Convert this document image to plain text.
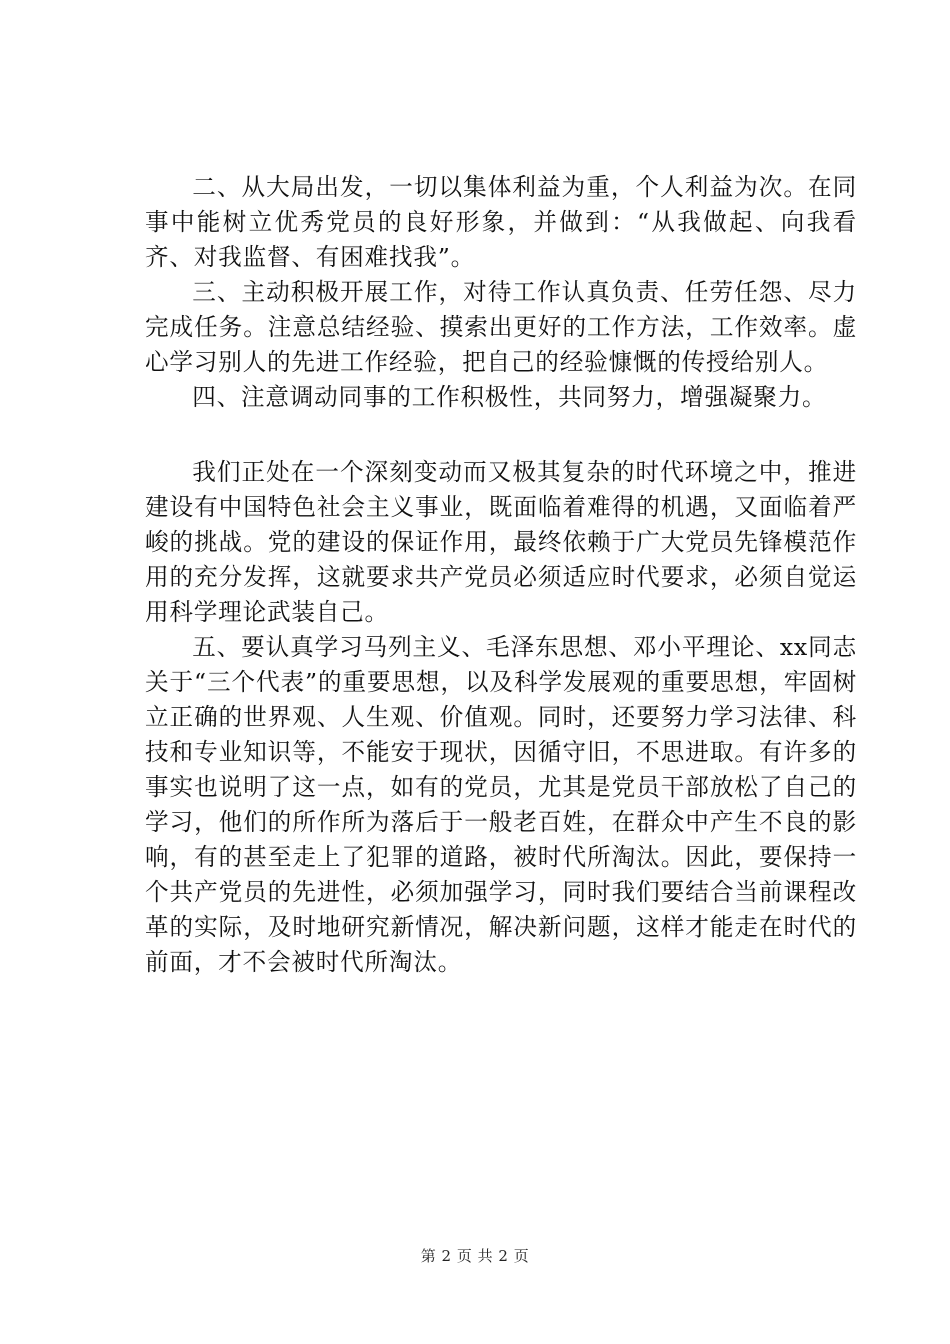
二、从大局出发，一切以集体利益为重，个人利益为次。在同事中能树立优秀党员的良好形象，并做到：“从我做起、向我看齐、对我监督、有困难找我”。

三、主动积极开展工作，对待工作认真负责、任劳任怨、尽力完成任务。注意总结经验、摸索出更好的工作方法，工作效率。虚心学习别人的先进工作经验，把自己的经验慷慨的传授给别人。

四、注意调动同事的工作积极性，共同努力，增强凝聚力。

我们正处在一个深刻变动而又极其复杂的时代环境之中，推进建设有中国特色社会主义事业，既面临着难得的机遇，又面临着严峻的挑战。党的建设的保证作用，最终依赖于广大党员先锋模范作用的充分发挥，这就要求共产党员必须适应时代要求，必须自觉运用科学理论武装自己。

五、要认真学习马列主义、毛泽东思想、邓小平理论、xx同志关于“三个代表”的重要思想，以及科学发展观的重要思想，牢固树立正确的世界观、人生观、价值观。同时，还要努力学习法律、科技和专业知识等，不能安于现状，因循守旧，不思进取。有许多的事实也说明了这一点，如有的党员，尤其是党员干部放松了自己的学习，他们的所作所为落后于一般老百姓，在群众中产生不良的影响，有的甚至走上了犯罪的道路，被时代所淘汰。因此，要保持一个共产党员的先进性，必须加强学习，同时我们要结合当前课程改革的实际，及时地研究新情况，解决新问题，这样才能走在时代的前面，才不会被时代所淘汰。

第 2 页 共 2 页
